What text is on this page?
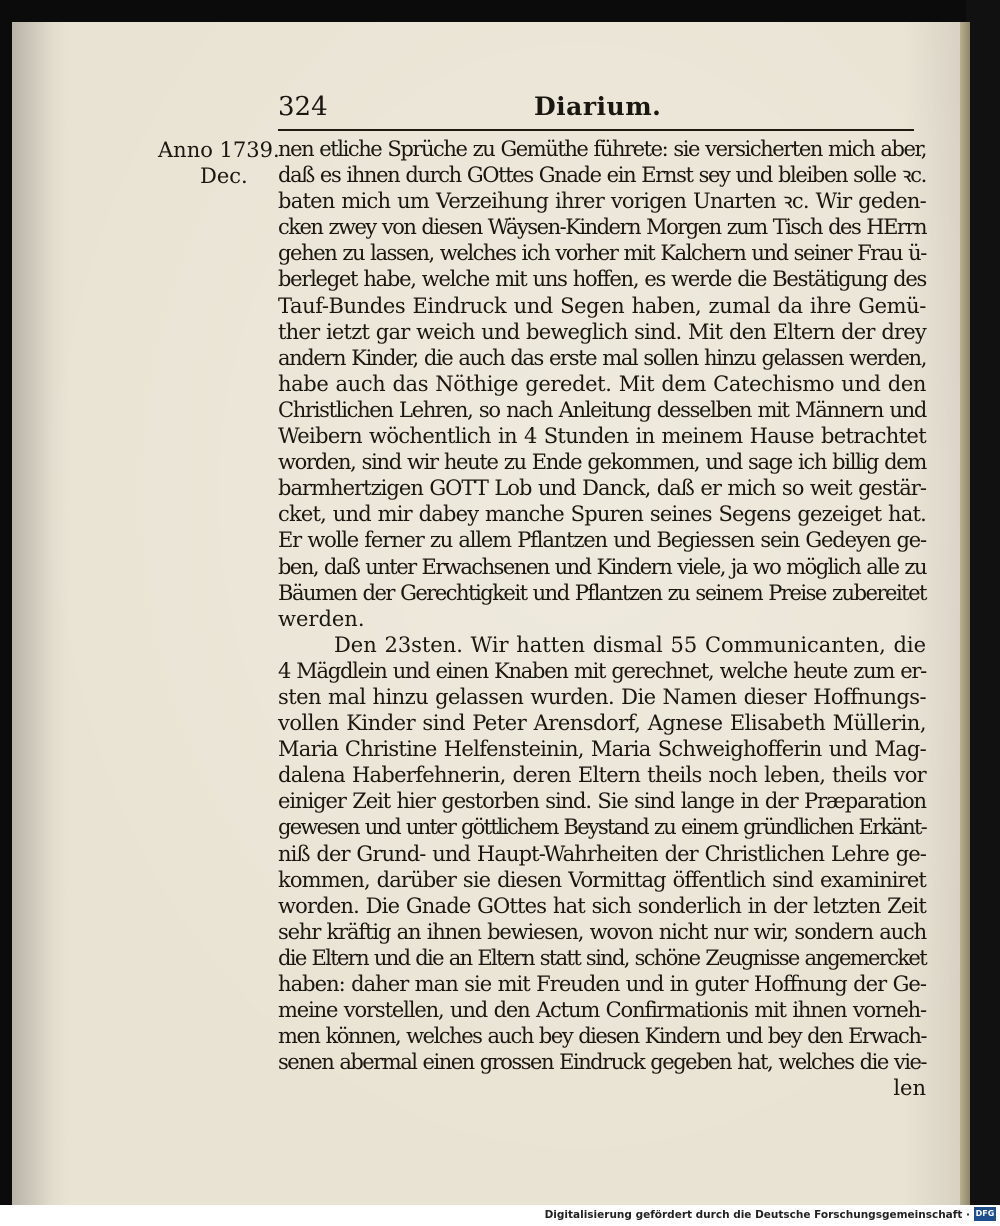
324	Diarium.
Anno 1739.
Dec.
nen etliche Sprüche zu Gemüthe führete: sie versicherten mich aber,
daß es ihnen durch GOttes Gnade ein Ernst sey und bleiben solle ꝛc.
baten mich um Verzeihung ihrer vorigen Unarten ꝛc. Wir geden-
cken zwey von diesen Wäysen-Kindern Morgen zum Tisch des HErrn
gehen zu lassen, welches ich vorher mit Kalchern und seiner Frau ü-
berleget habe, welche mit uns hoffen, es werde die Bestätigung des
Tauf-Bundes Eindruck und Segen haben, zumal da ihre Gemü-
ther ietzt gar weich und beweglich sind. Mit den Eltern der drey
andern Kinder, die auch das erste mal sollen hinzu gelassen werden,
habe auch das Nöthige geredet. Mit dem Catechismo und den
Christlichen Lehren, so nach Anleitung desselben mit Männern und
Weibern wöchentlich in 4 Stunden in meinem Hause betrachtet
worden, sind wir heute zu Ende gekommen, und sage ich billig dem
barmhertzigen GOTT Lob und Danck, daß er mich so weit gestär-
cket, und mir dabey manche Spuren seines Segens gezeiget hat.
Er wolle ferner zu allem Pflantzen und Begiessen sein Gedeyen ge-
ben, daß unter Erwachsenen und Kindern viele, ja wo möglich alle zu
Bäumen der Gerechtigkeit und Pflantzen zu seinem Preise zubereitet
werden.
Den 23sten. Wir hatten dismal 55 Communicanten, die
4 Mägdlein und einen Knaben mit gerechnet, welche heute zum er-
sten mal hinzu gelassen wurden. Die Namen dieser Hoffnungs-
vollen Kinder sind Peter Arensdorf, Agnese Elisabeth Müllerin,
Maria Christine Helfensteinin, Maria Schweighofferin und Mag-
dalena Haberfehnerin, deren Eltern theils noch leben, theils vor
einiger Zeit hier gestorben sind. Sie sind lange in der Præparation
gewesen und unter göttlichem Beystand zu einem gründlichen Erkänt-
niß der Grund- und Haupt-Wahrheiten der Christlichen Lehre ge-
kommen, darüber sie diesen Vormittag öffentlich sind examiniret
worden. Die Gnade GOttes hat sich sonderlich in der letzten Zeit
sehr kräftig an ihnen bewiesen, wovon nicht nur wir, sondern auch
die Eltern und die an Eltern statt sind, schöne Zeugnisse angemercket
haben: daher man sie mit Freuden und in guter Hoffnung der Ge-
meine vorstellen, und den Actum Confirmationis mit ihnen vorneh-
men können, welches auch bey diesen Kindern und bey den Erwach-
senen abermal einen grossen Eindruck gegeben hat, welches die vie-
len
Digitalisierung gefördert durch die Deutsche Forschungsgemeinschaft · DFG
